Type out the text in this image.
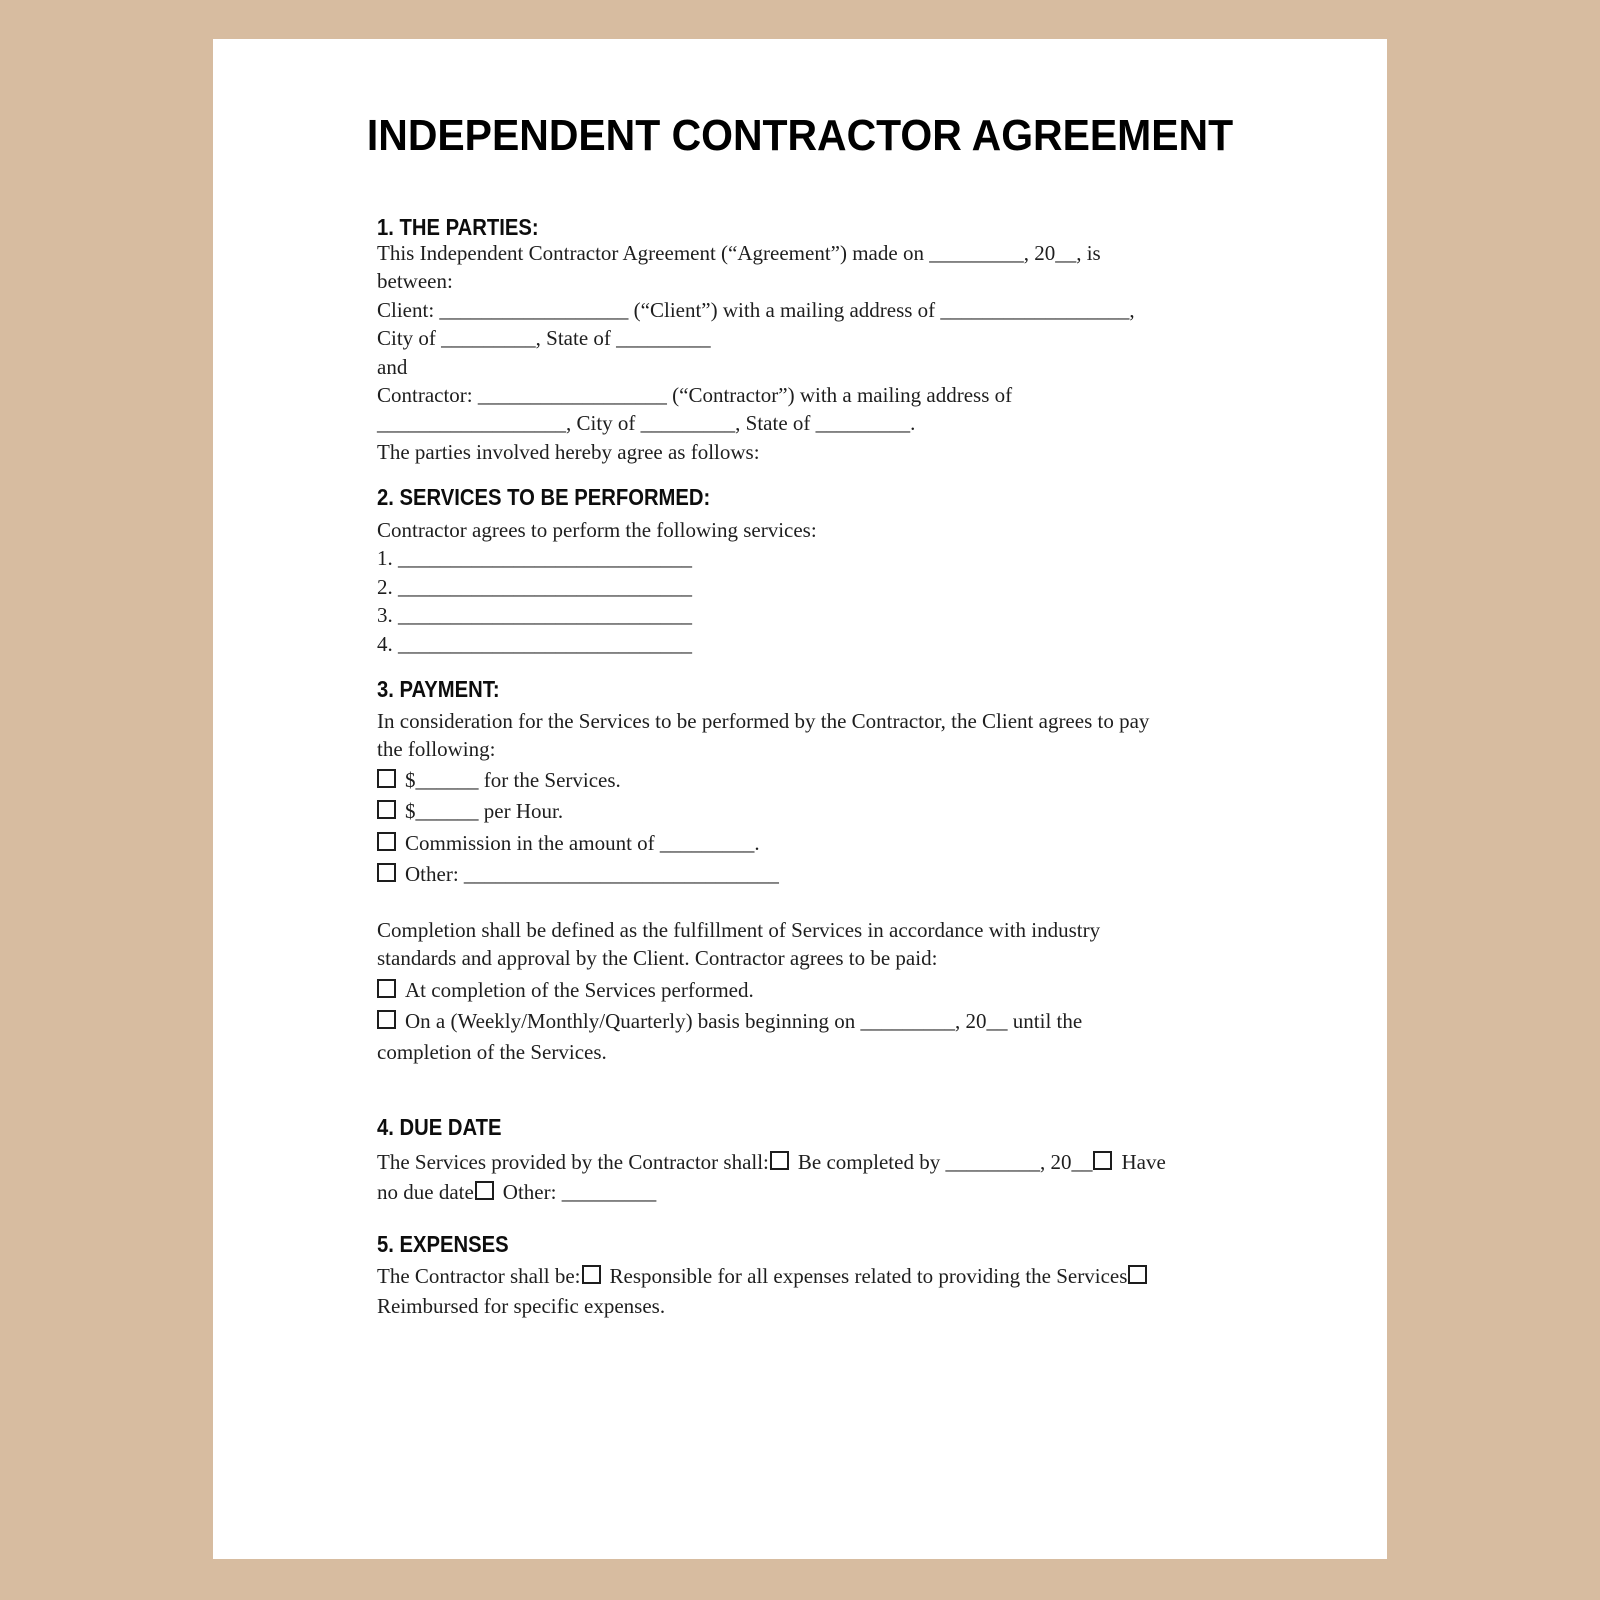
INDEPENDENT CONTRACTOR AGREEMENT
1. THE PARTIES:
This Independent Contractor Agreement (“Agreement”) made on _________, 20__, is
between:
Client: __________________ (“Client”) with a mailing address of __________________,
City of _________, State of _________
and
Contractor: __________________ (“Contractor”) with a mailing address of
__________________, City of _________, State of _________.
The parties involved hereby agree as follows:
2. SERVICES TO BE PERFORMED:
Contractor agrees to perform the following services:
1. ____________________________
2. ____________________________
3. ____________________________
4. ____________________________
3. PAYMENT:
In consideration for the Services to be performed by the Contractor, the Client agrees to pay
the following:
$______ for the Services.
$______ per Hour.
Commission in the amount of _________.
Other: ______________________________
Completion shall be defined as the fulfillment of Services in accordance with industry
standards and approval by the Client. Contractor agrees to be paid:
At completion of the Services performed.
On a (Weekly/Monthly/Quarterly) basis beginning on _________, 20__ until the
completion of the Services.
4. DUE DATE
The Services provided by the Contractor shall: Be completed by _________, 20__ Have
no due date Other: _________
5. EXPENSES
The Contractor shall be: Responsible for all expenses related to providing the Services
Reimbursed for specific expenses.
